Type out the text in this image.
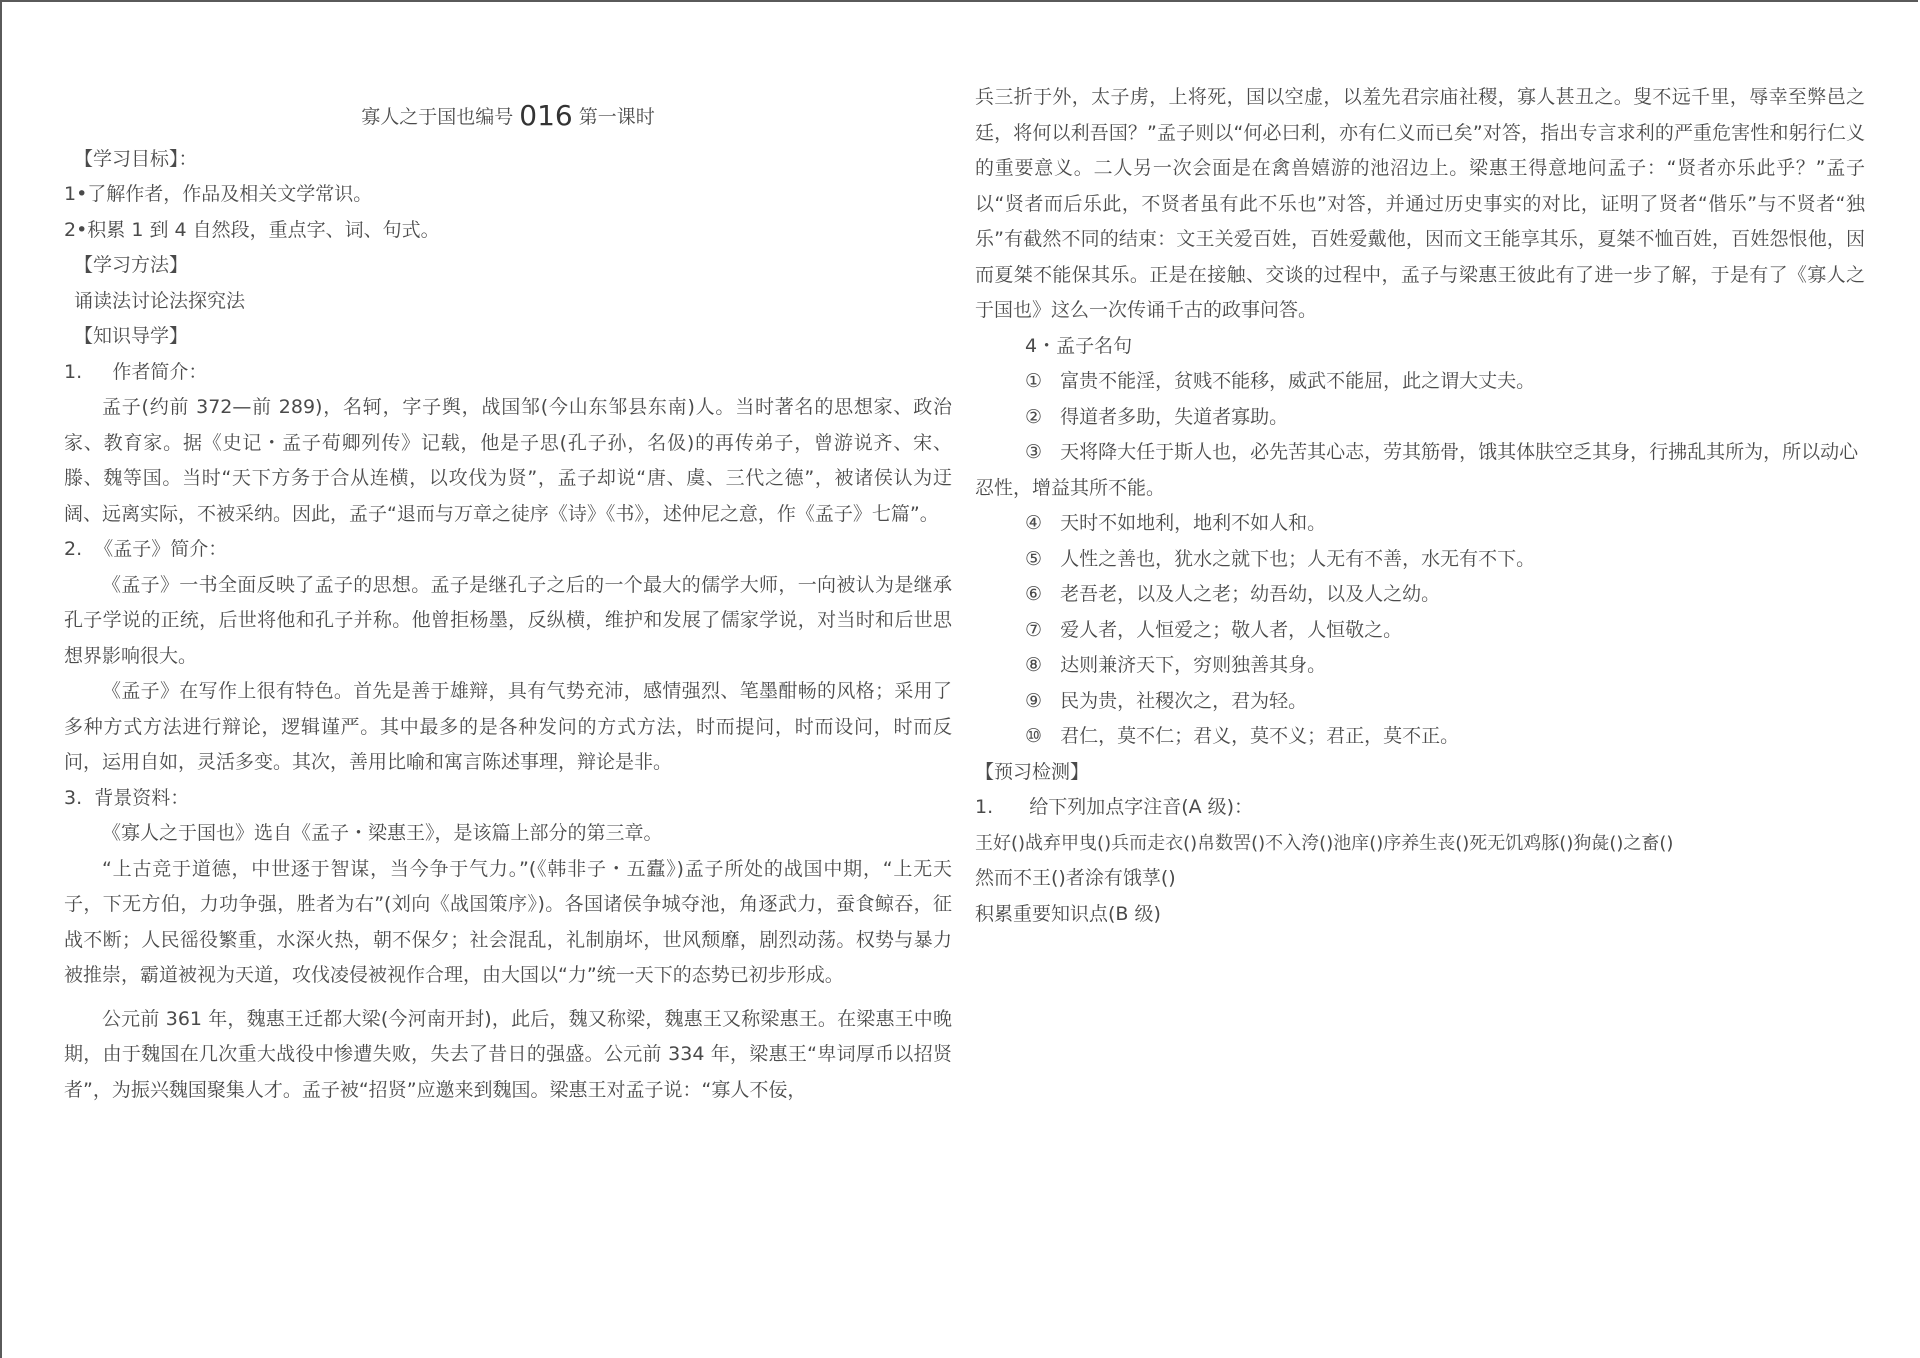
寡人之于国也编号 016 第一课时
【学习目标】：
1•了解作者，作品及相关文学常识。
2•积累 1 到 4 自然段，重点字、词、句式。
【学习方法】
诵读法讨论法探究法
【知识导学】
1.     作者简介：
孟子(约前 372—前 289)，名轲，字子舆，战国邹(今山东邹县东南)人。当时著名的思想家、政治家、教育家。据《史记・孟子荀卿列传》记载，他是子思(孔子孙，名伋)的再传弟子，曾游说齐、宋、滕、魏等国。当时“天下方务于合从连横，以攻伐为贤”，孟子却说“唐、虞、三代之德”，被诸侯认为迂阔、远离实际，不被采纳。因此，孟子“退而与万章之徒序《诗》《书》，述仲尼之意，作《孟子》七篇”。
2.  《孟子》简介：
《孟子》一书全面反映了孟子的思想。孟子是继孔子之后的一个最大的儒学大师，一向被认为是继承孔子学说的正统，后世将他和孔子并称。他曾拒杨墨，反纵横，维护和发展了儒家学说，对当时和后世思想界影响很大。
《孟子》在写作上很有特色。首先是善于雄辩，具有气势充沛，感情强烈、笔墨酣畅的风格；采用了多种方式方法进行辩论，逻辑谨严。其中最多的是各种发问的方式方法，时而提问，时而设问，时而反问，运用自如，灵活多变。其次，善用比喻和寓言陈述事理，辩论是非。
3.  背景资料：
《寡人之于国也》选自《孟子・梁惠王》，是该篇上部分的第三章。
“上古竞于道德，中世逐于智谋，当今争于气力。”(《韩非子・五蠹》)孟子所处的战国中期，“上无天子，下无方伯，力功争强，胜者为右”(刘向《战国策序》)。各国诸侯争城夺池，角逐武力，蚕食鲸吞，征战不断；人民徭役繁重，水深火热，朝不保夕；社会混乱，礼制崩坏，世风颓靡，剧烈动荡。权势与暴力被推崇，霸道被视为天道，攻伐凌侵被视作合理，由大国以“力”统一天下的态势已初步形成。
公元前 361 年，魏惠王迁都大梁(今河南开封)，此后，魏又称梁，魏惠王又称梁惠王。在梁惠王中晚期，由于魏国在几次重大战役中惨遭失败，失去了昔日的强盛。公元前 334 年，梁惠王“卑词厚币以招贤者”，为振兴魏国聚集人才。孟子被“招贤”应邀来到魏国。梁惠王对孟子说：“寡人不佞，
兵三折于外，太子虏，上将死，国以空虚，以羞先君宗庙社稷，寡人甚丑之。叟不远千里，辱幸至弊邑之廷，将何以利吾国？”孟子则以“何必曰利，亦有仁义而已矣”对答，指出专言求利的严重危害性和躬行仁义的重要意义。二人另一次会面是在禽兽嬉游的池沼边上。梁惠王得意地问孟子：“贤者亦乐此乎？”孟子以“贤者而后乐此，不贤者虽有此不乐也”对答，并通过历史事实的对比，证明了贤者“偕乐”与不贤者“独乐”有截然不同的结束：文王关爱百姓，百姓爱戴他，因而文王能享其乐，夏桀不恤百姓，百姓怨恨他，因而夏桀不能保其乐。正是在接触、交谈的过程中，孟子与梁惠王彼此有了进一步了解，于是有了《寡人之于国也》这么一次传诵千古的政事问答。
4・孟子名句
①   富贵不能淫，贫贱不能移，威武不能屈，此之谓大丈夫。
②   得道者多助，失道者寡助。
③   天将降大任于斯人也，必先苦其心志，劳其筋骨，饿其体肤空乏其身，行拂乱其所为，所以动心忍性，增益其所不能。
④   天时不如地利，地利不如人和。
⑤   人性之善也，犹水之就下也；人无有不善，水无有不下。
⑥   老吾老，以及人之老；幼吾幼，以及人之幼。
⑦   爱人者，人恒爱之；敬人者，人恒敬之。
⑧   达则兼济天下，穷则独善其身。
⑨   民为贵，社稷次之，君为轻。
⑩   君仁，莫不仁；君义，莫不义；君正，莫不正。
【预习检测】
1. 给下列加点字注音(A 级)：
王好()战弃甲曳()兵而走衣()帛数罟()不入洿()池庠()序养生丧()死无饥鸡豚()狗彘()之畜()
然而不王()者涂有饿莩()
积累重要知识点(B 级)
